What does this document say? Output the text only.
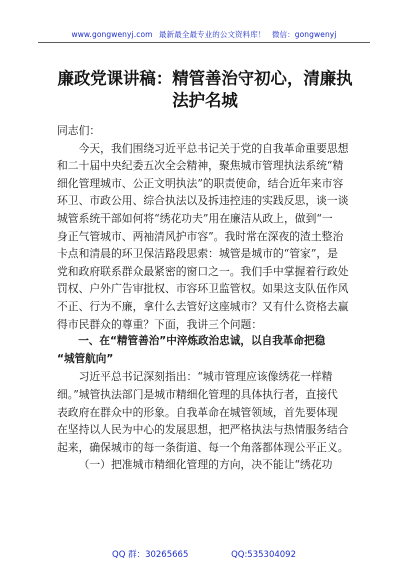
www.gongwenyj.com 最新最全最专业的公文资料库！ 微信：gongwenyj
廉政党课讲稿：精管善治守初心，清廉执
法护名城

同志们：

今天，我们围绕习近平总书记关于党的自我革命重要思想
和二十届中央纪委五次全会精神，聚焦城市管理执法系统“精
细化管理城市、公正文明执法”的职责使命，结合近年来市容
环卫、市政公用、综合执法以及拆违控违的实践反思，谈一谈
城管系统干部如何将“绣花功夫”用在廉洁从政上，做到“一
身正气管城市、两袖清风护市容”。我时常在深夜的渣土整治
卡点和清晨的环卫保洁路段思索：城管是城市的“管家”，是
党和政府联系群众最紧密的窗口之一。我们手中掌握着行政处
罚权、户外广告审批权、市容环卫监管权。如果这支队伍作风
不正、行为不廉，拿什么去管好这座城市？又有什么资格去赢
得市民群众的尊重？下面，我讲三个问题：

一、在“精管善治”中淬炼政治忠诚，以自我革命把稳
“城管航向”

习近平总书记深刻指出：“城市管理应该像绣花一样精
细。”城管执法部门是城市精细化管理的具体执行者，直接代
表政府在群众中的形象。自我革命在城管领域，首先要体现
在坚持以人民为中心的发展思想，把严格执法与热情服务结合
起来，确保城市的每一条街道、每一个角落都体现公平正义。

（一）把准城市精细化管理的方向，决不能让“绣花功

QQ 群：30265665	QQ:535304092
